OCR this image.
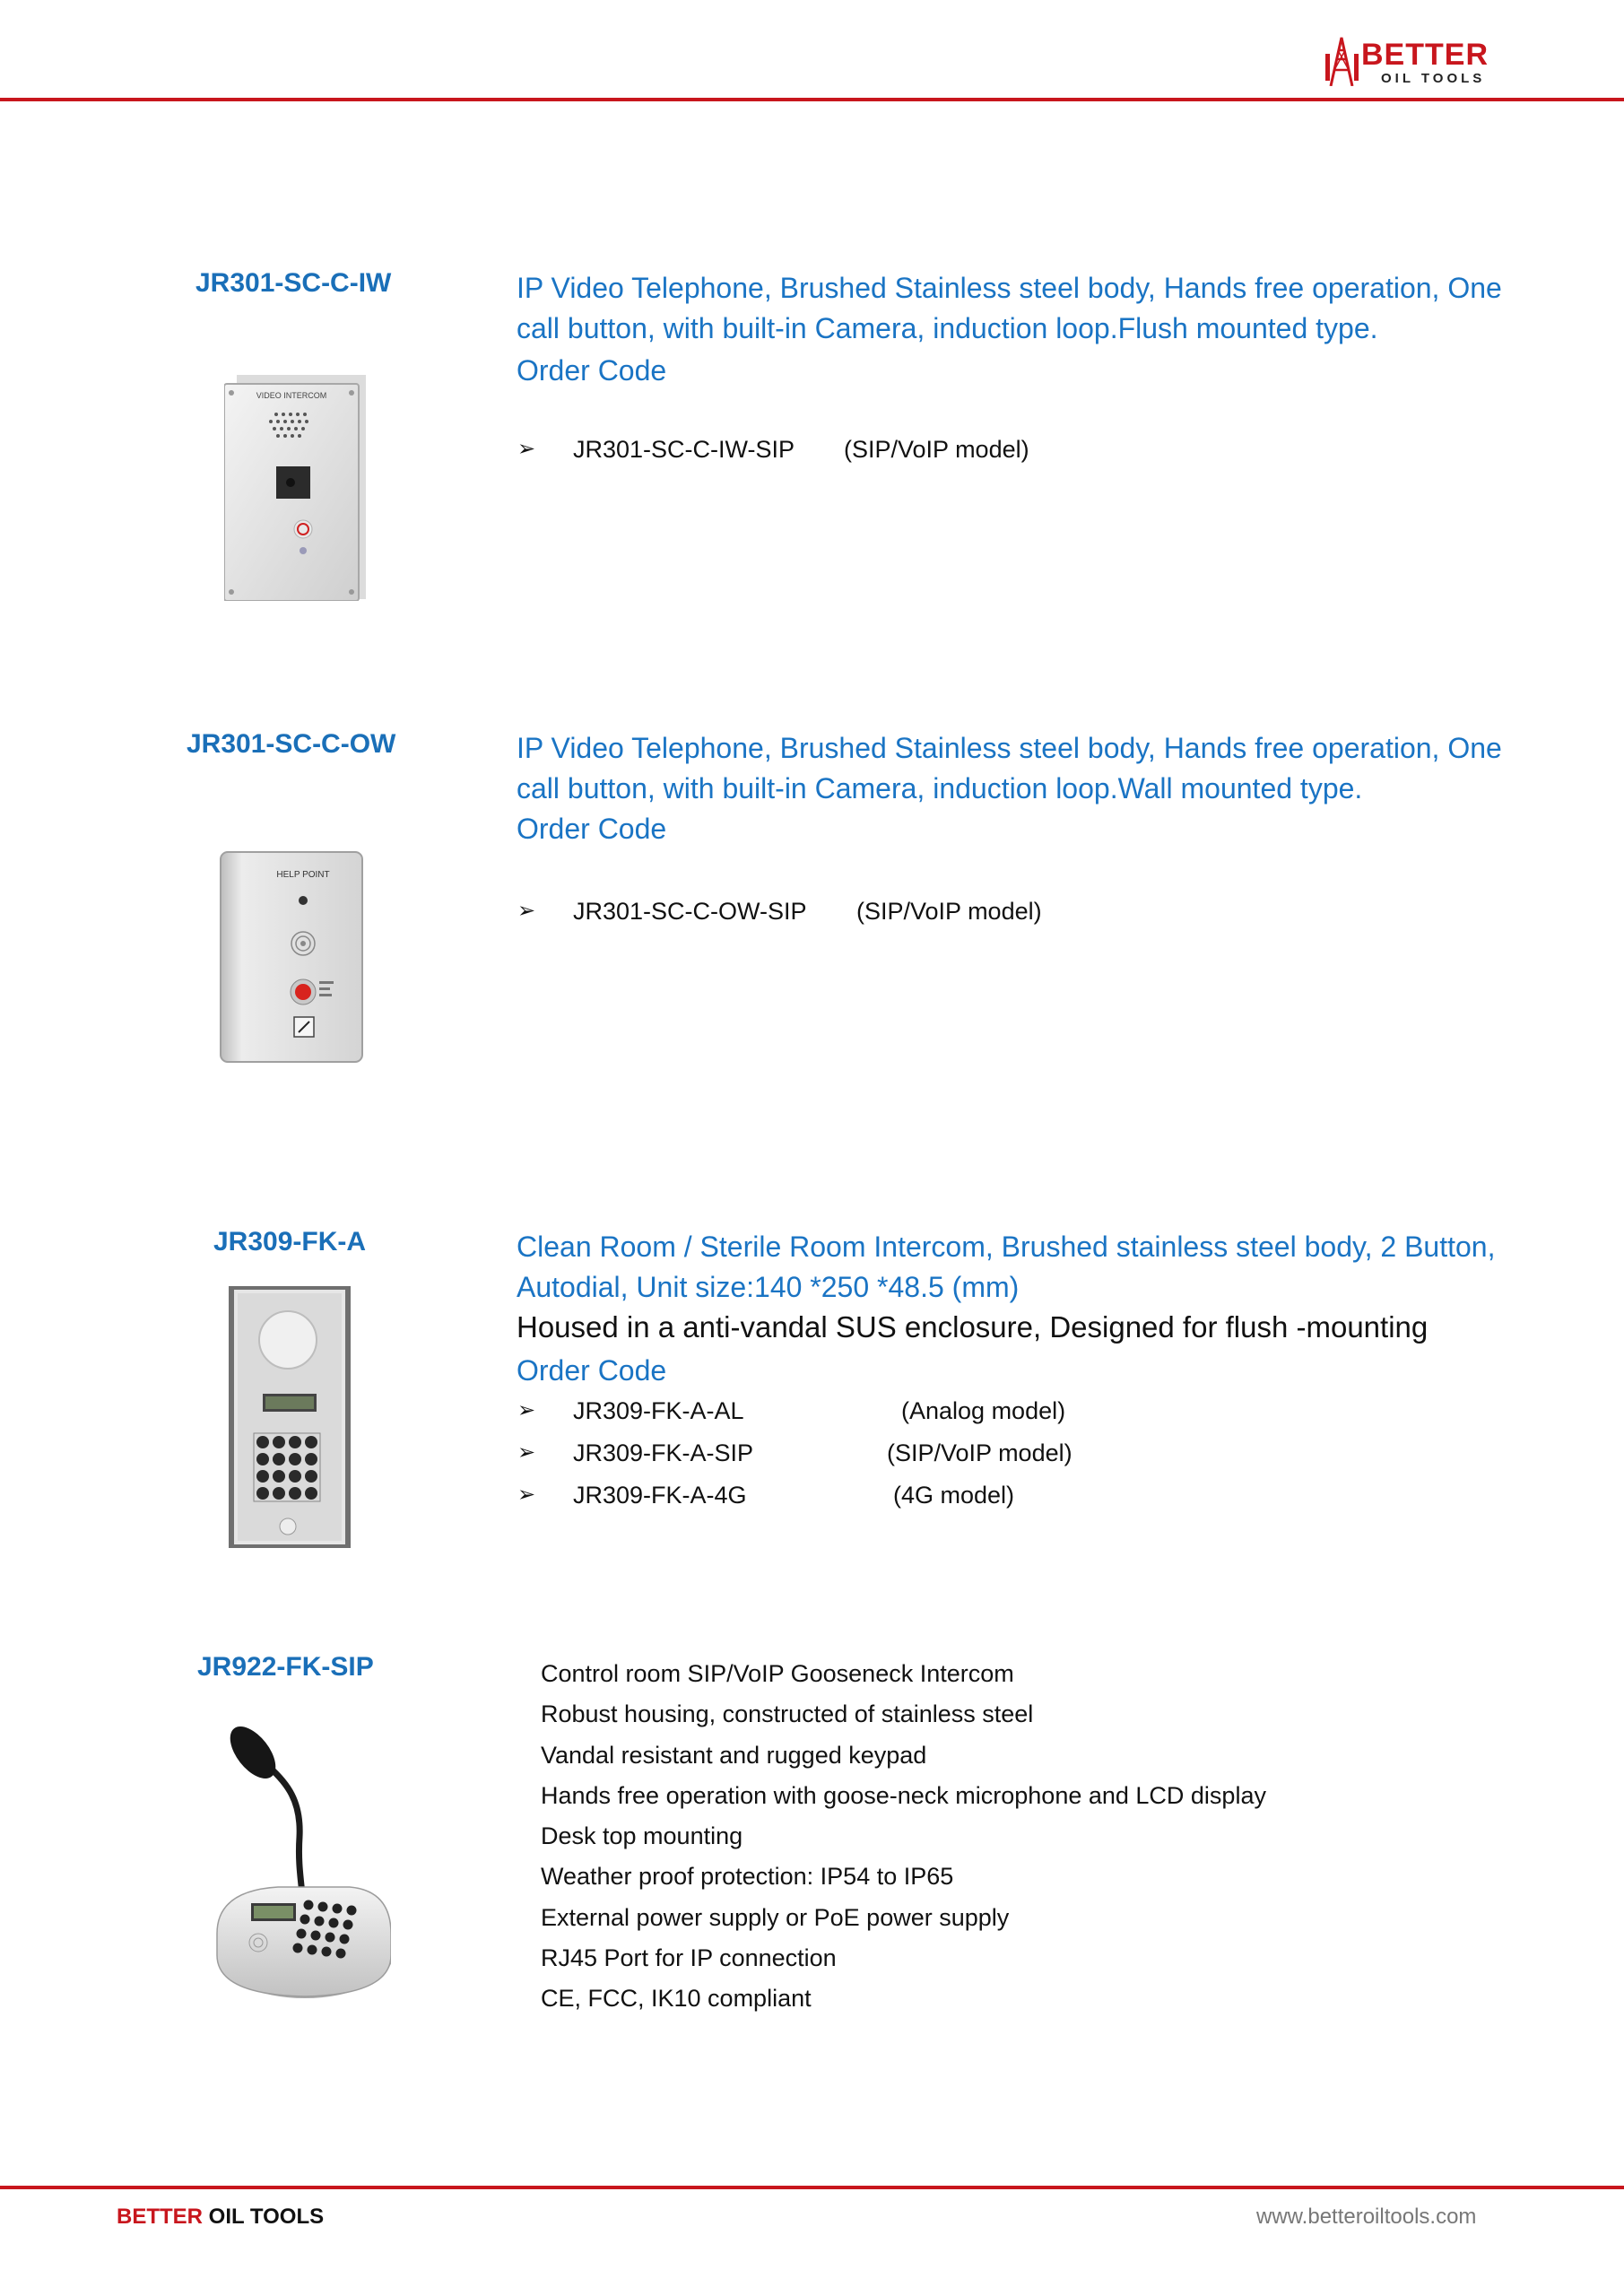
BETTER
OIL TOOLS
JR301-SC-C-IW
VIDEO INTERCOM
IP Video Telephone, Brushed Stainless steel body, Hands free operation, One call button, with built-in Camera, induction loop.Flush mounted type.
Order Code
➢ JR301-SC-C-IW-SIP (SIP/VoIP model)
JR301-SC-C-OW
HELP POINT
IP Video Telephone, Brushed Stainless steel body, Hands free operation, One call button, with built-in Camera, induction loop.Wall mounted type.
Order Code
➢ JR301-SC-C-OW-SIP (SIP/VoIP model)
JR309-FK-A	Clean Room / Sterile Room Intercom, Brushed stainless steel body, 2 Button, Autodial, Unit size:140 *250 *48.5 (mm)
Housed in a anti-vandal SUS enclosure, Designed for flush -mounting
Order Code
➢ JR309-FK-A-AL	(Analog model)
➢ JR309-FK-A-SIP	(SIP/VoIP model)
➢ JR309-FK-A-4G	(4G model)
JR922-FK-SIP	Control room SIP/VoIP Gooseneck Intercom
Robust housing, constructed of stainless steel
Vandal resistant and rugged keypad
Hands free operation with goose-neck microphone and LCD display
Desk top mounting
Weather proof protection: IP54 to IP65
External power supply or PoE power supply
RJ45 Port for IP connection
CE, FCC, IK10 compliant
BETTER OIL TOOLS	www.betteroiltools.com
